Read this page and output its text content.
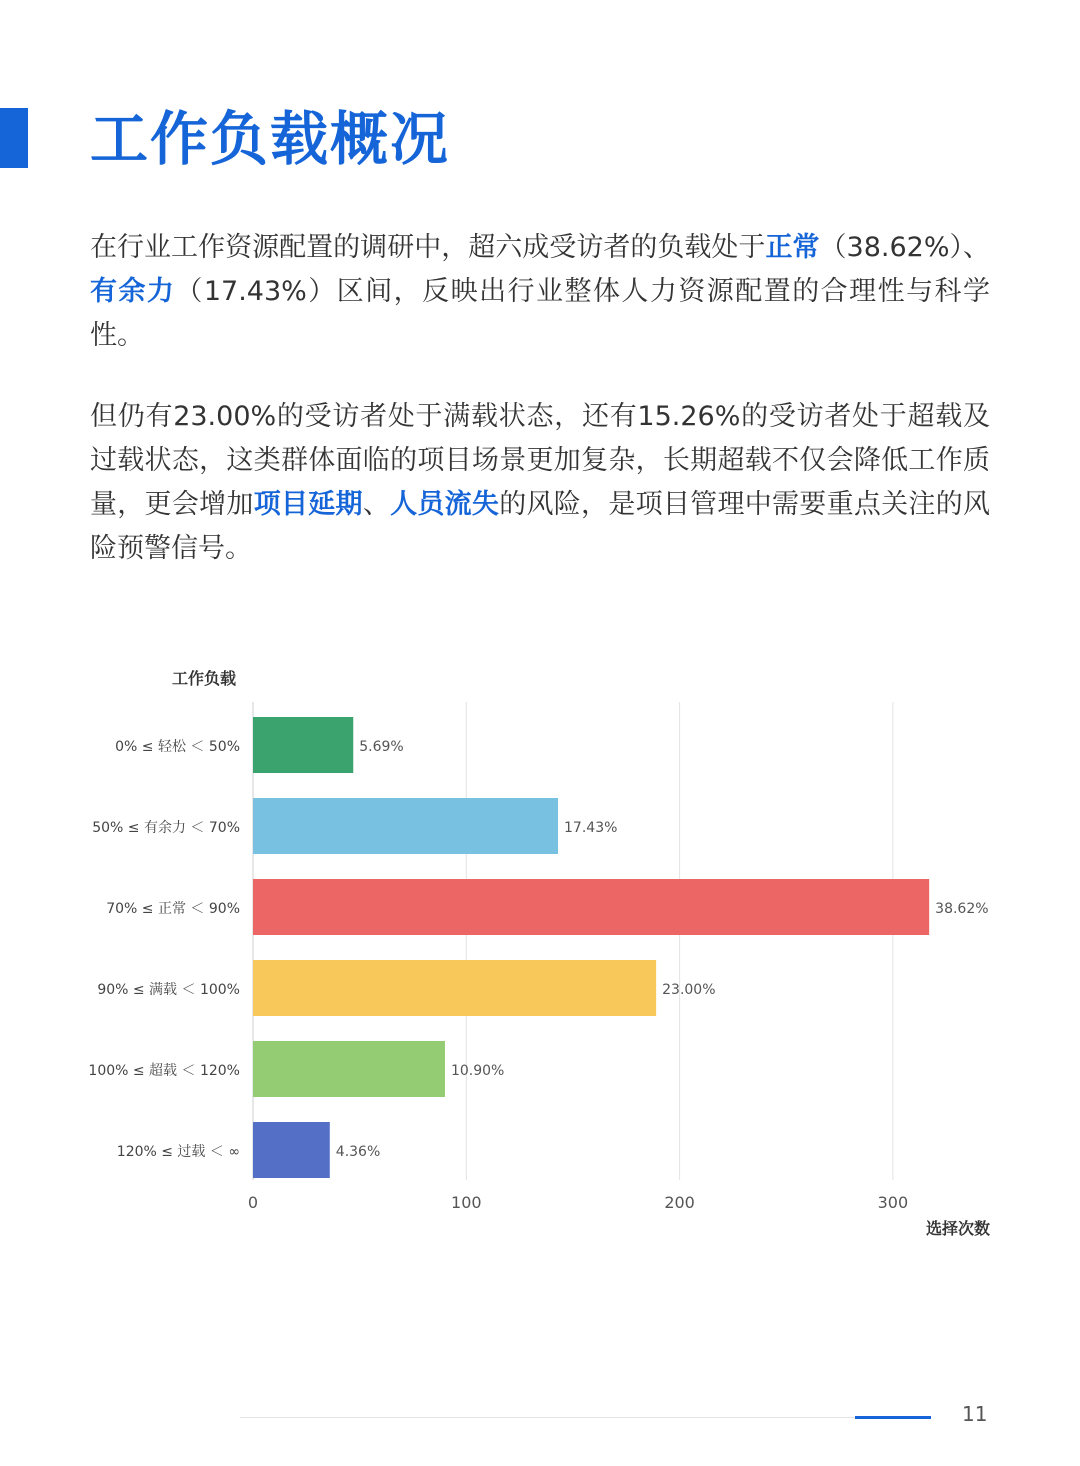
工作负载概况

在行业工作资源配置的调研中，超六成受访者的负载处于正常（38.62%）、有余力（17.43%）区间，反映出行业整体人力资源配置的合理性与科学性。

但仍有23.00%的受访者处于满载状态，还有15.26%的受访者处于超载及过载状态，这类群体面临的项目场景更加复杂，长期超载不仅会降低工作质量，更会增加项目延期、人员流失的风险，是项目管理中需要重点关注的风险预警信号。

0	100	200	300
0% ≤ 轻松 ＜ 50%	5.69%
50% ≤ 有余力 ＜ 70%	17.43%
70% ≤ 正常 ＜ 90%	38.62%
90% ≤ 满载 ＜ 100%	23.00%
100% ≤ 超载 ＜ 120%	10.90%
120% ≤ 过载 ＜ ∞	4.36%
工作负载
选择次数
11
